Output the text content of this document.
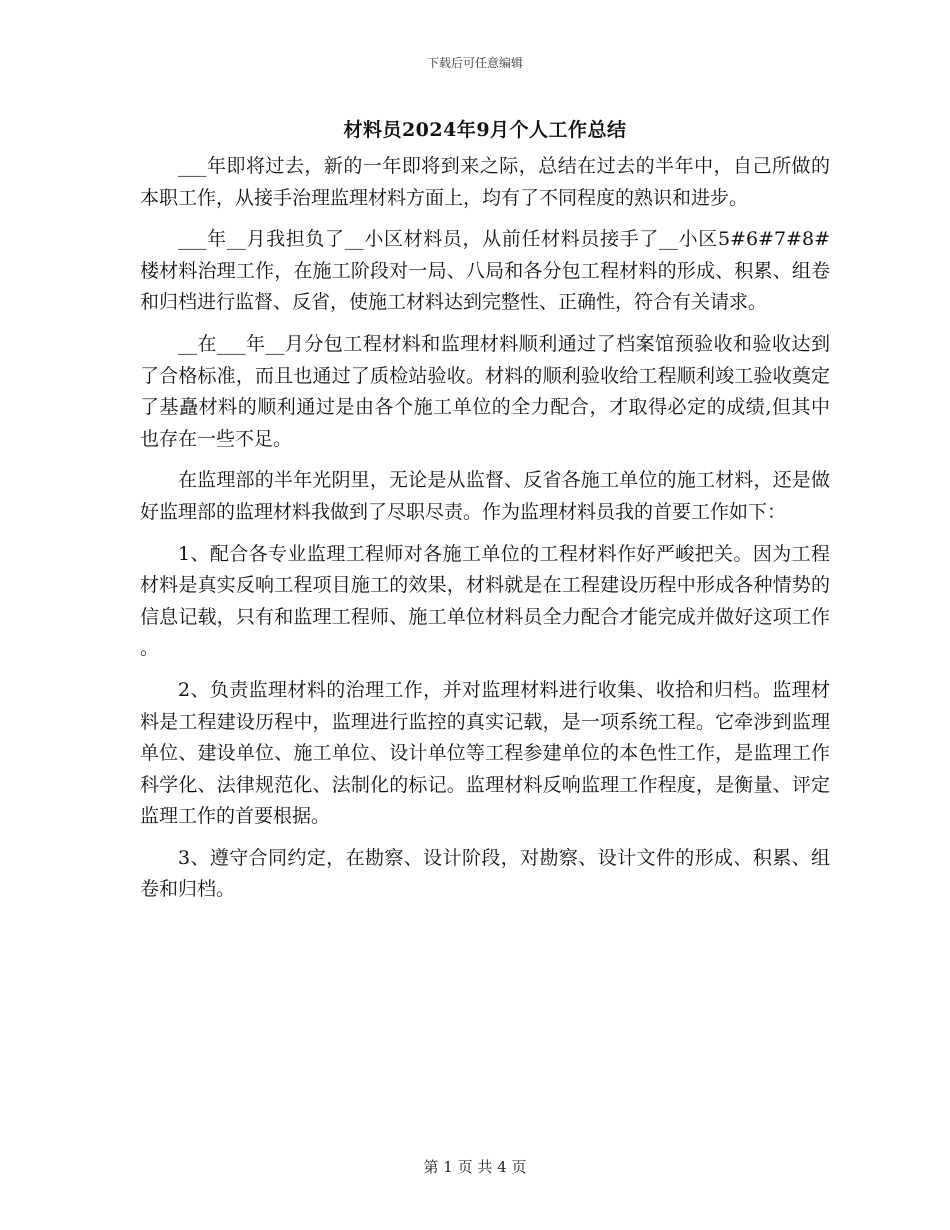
下载后可任意编辑
材料员2024年9月个人工作总结

___年即将过去，新的一年即将到来之际，总结在过去的半年中，自己所做的本职工作，从接手治理监理材料方面上，均有了不同程度的熟识和进步。

___年__月我担负了__小区材料员，从前任材料员接手了__小区5#6#7#8#楼材料治理工作，在施工阶段对一局、八局和各分包工程材料的形成、积累、组卷和归档进行监督、反省，使施工材料达到完整性、正确性，符合有关请求。

__在___年__月分包工程材料和监理材料顺利通过了档案馆预验收和验收达到了合格标准，而且也通过了质检站验收。材料的顺利验收给工程顺利竣工验收奠定了基矗材料的顺利通过是由各个施工单位的全力配合，才取得必定的成绩,但其中也存在一些不足。

在监理部的半年光阴里，无论是从监督、反省各施工单位的施工材料，还是做好监理部的监理材料我做到了尽职尽责。作为监理材料员我的首要工作如下：

1、配合各专业监理工程师对各施工单位的工程材料作好严峻把关。因为工程材料是真实反响工程项目施工的效果，材料就是在工程建设历程中形成各种情势的信息记载，只有和监理工程师、施工单位材料员全力配合才能完成并做好这项工作。

2、负责监理材料的治理工作，并对监理材料进行收集、收拾和归档。监理材料是工程建设历程中，监理进行监控的真实记载，是一项系统工程。它牵涉到监理单位、建设单位、施工单位、设计单位等工程参建单位的本色性工作，是监理工作科学化、法律规范化、法制化的标记。监理材料反响监理工作程度，是衡量、评定监理工作的首要根据。

3、遵守合同约定，在勘察、设计阶段，对勘察、设计文件的形成、积累、组卷和归档。

第 1 页 共 4 页
